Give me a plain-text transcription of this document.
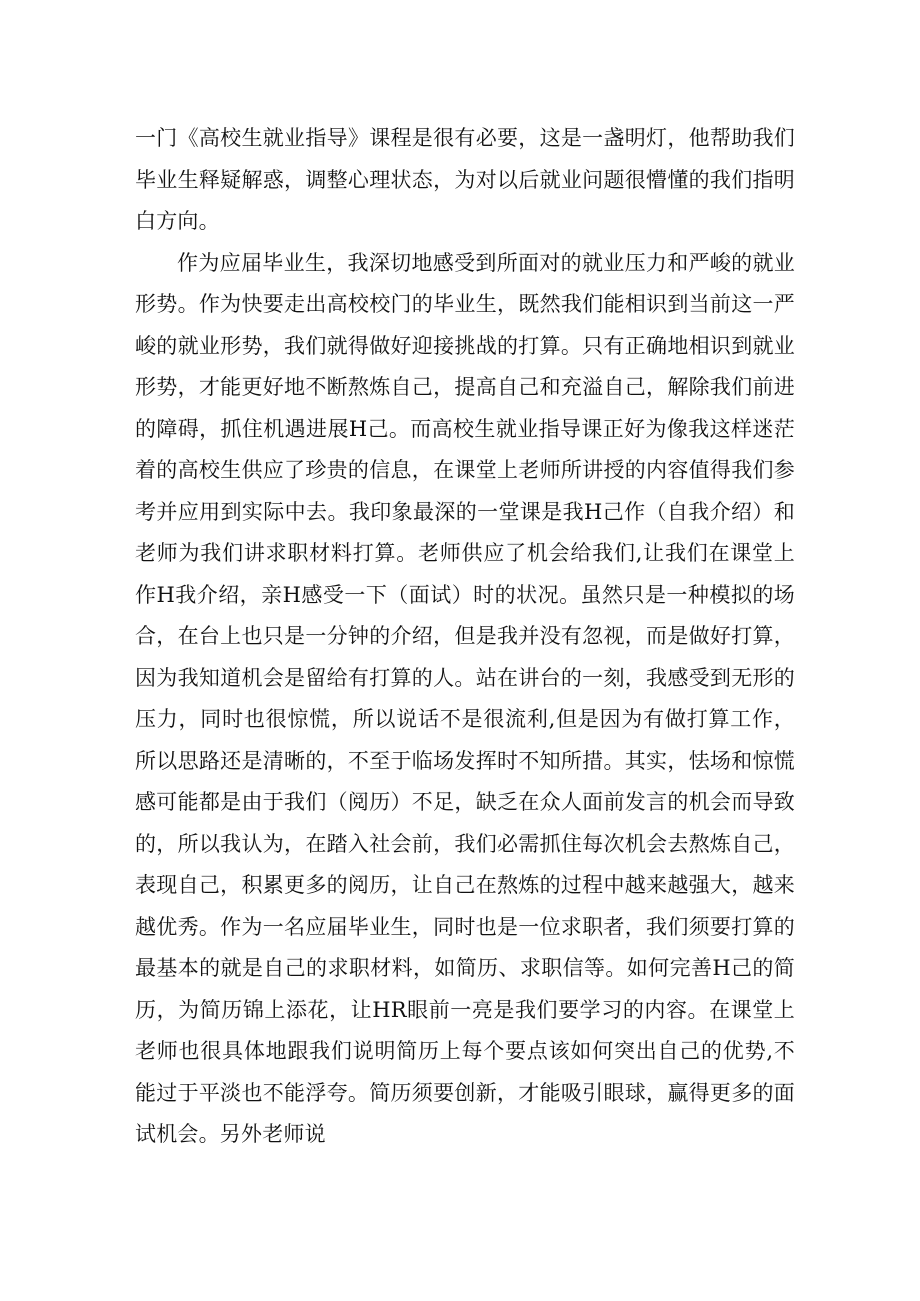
一门《高校生就业指导》课程是很有必要，这是一盏明灯，他帮助我们毕业生释疑解惑，调整心理状态，为对以后就业问题很懵懂的我们指明白方向。

作为应届毕业生，我深切地感受到所面对的就业压力和严峻的就业形势。作为快要走出高校校门的毕业生，既然我们能相识到当前这一严峻的就业形势，我们就得做好迎接挑战的打算。只有正确地相识到就业形势，才能更好地不断熬炼自己，提高自己和充溢自己，解除我们前进的障碍，抓住机遇进展H己。而高校生就业指导课正好为像我这样迷茫着的高校生供应了珍贵的信息，在课堂上老师所讲授的内容值得我们参考并应用到实际中去。我印象最深的一堂课是我H己作（自我介绍）和老师为我们讲求职材料打算。老师供应了机会给我们,让我们在课堂上作H我介绍，亲H感受一下（面试）时的状况。虽然只是一种模拟的场合，在台上也只是一分钟的介绍，但是我并没有忽视，而是做好打算，因为我知道机会是留给有打算的人。站在讲台的一刻，我感受到无形的压力，同时也很惊慌，所以说话不是很流利,但是因为有做打算工作，所以思路还是清晰的，不至于临场发挥时不知所措。其实，怯场和惊慌感可能都是由于我们（阅历）不足，缺乏在众人面前发言的机会而导致的，所以我认为，在踏入社会前，我们必需抓住每次机会去熬炼自己，表现自己，积累更多的阅历，让自己在熬炼的过程中越来越强大，越来越优秀。作为一名应届毕业生，同时也是一位求职者，我们须要打算的最基本的就是自己的求职材料，如简历、求职信等。如何完善H己的简历，为简历锦上添花，让HR眼前一亮是我们要学习的内容。在课堂上老师也很具体地跟我们说明简历上每个要点该如何突出自己的优势,不能过于平淡也不能浮夸。简历须要创新，才能吸引眼球，赢得更多的面试机会。另外老师说
